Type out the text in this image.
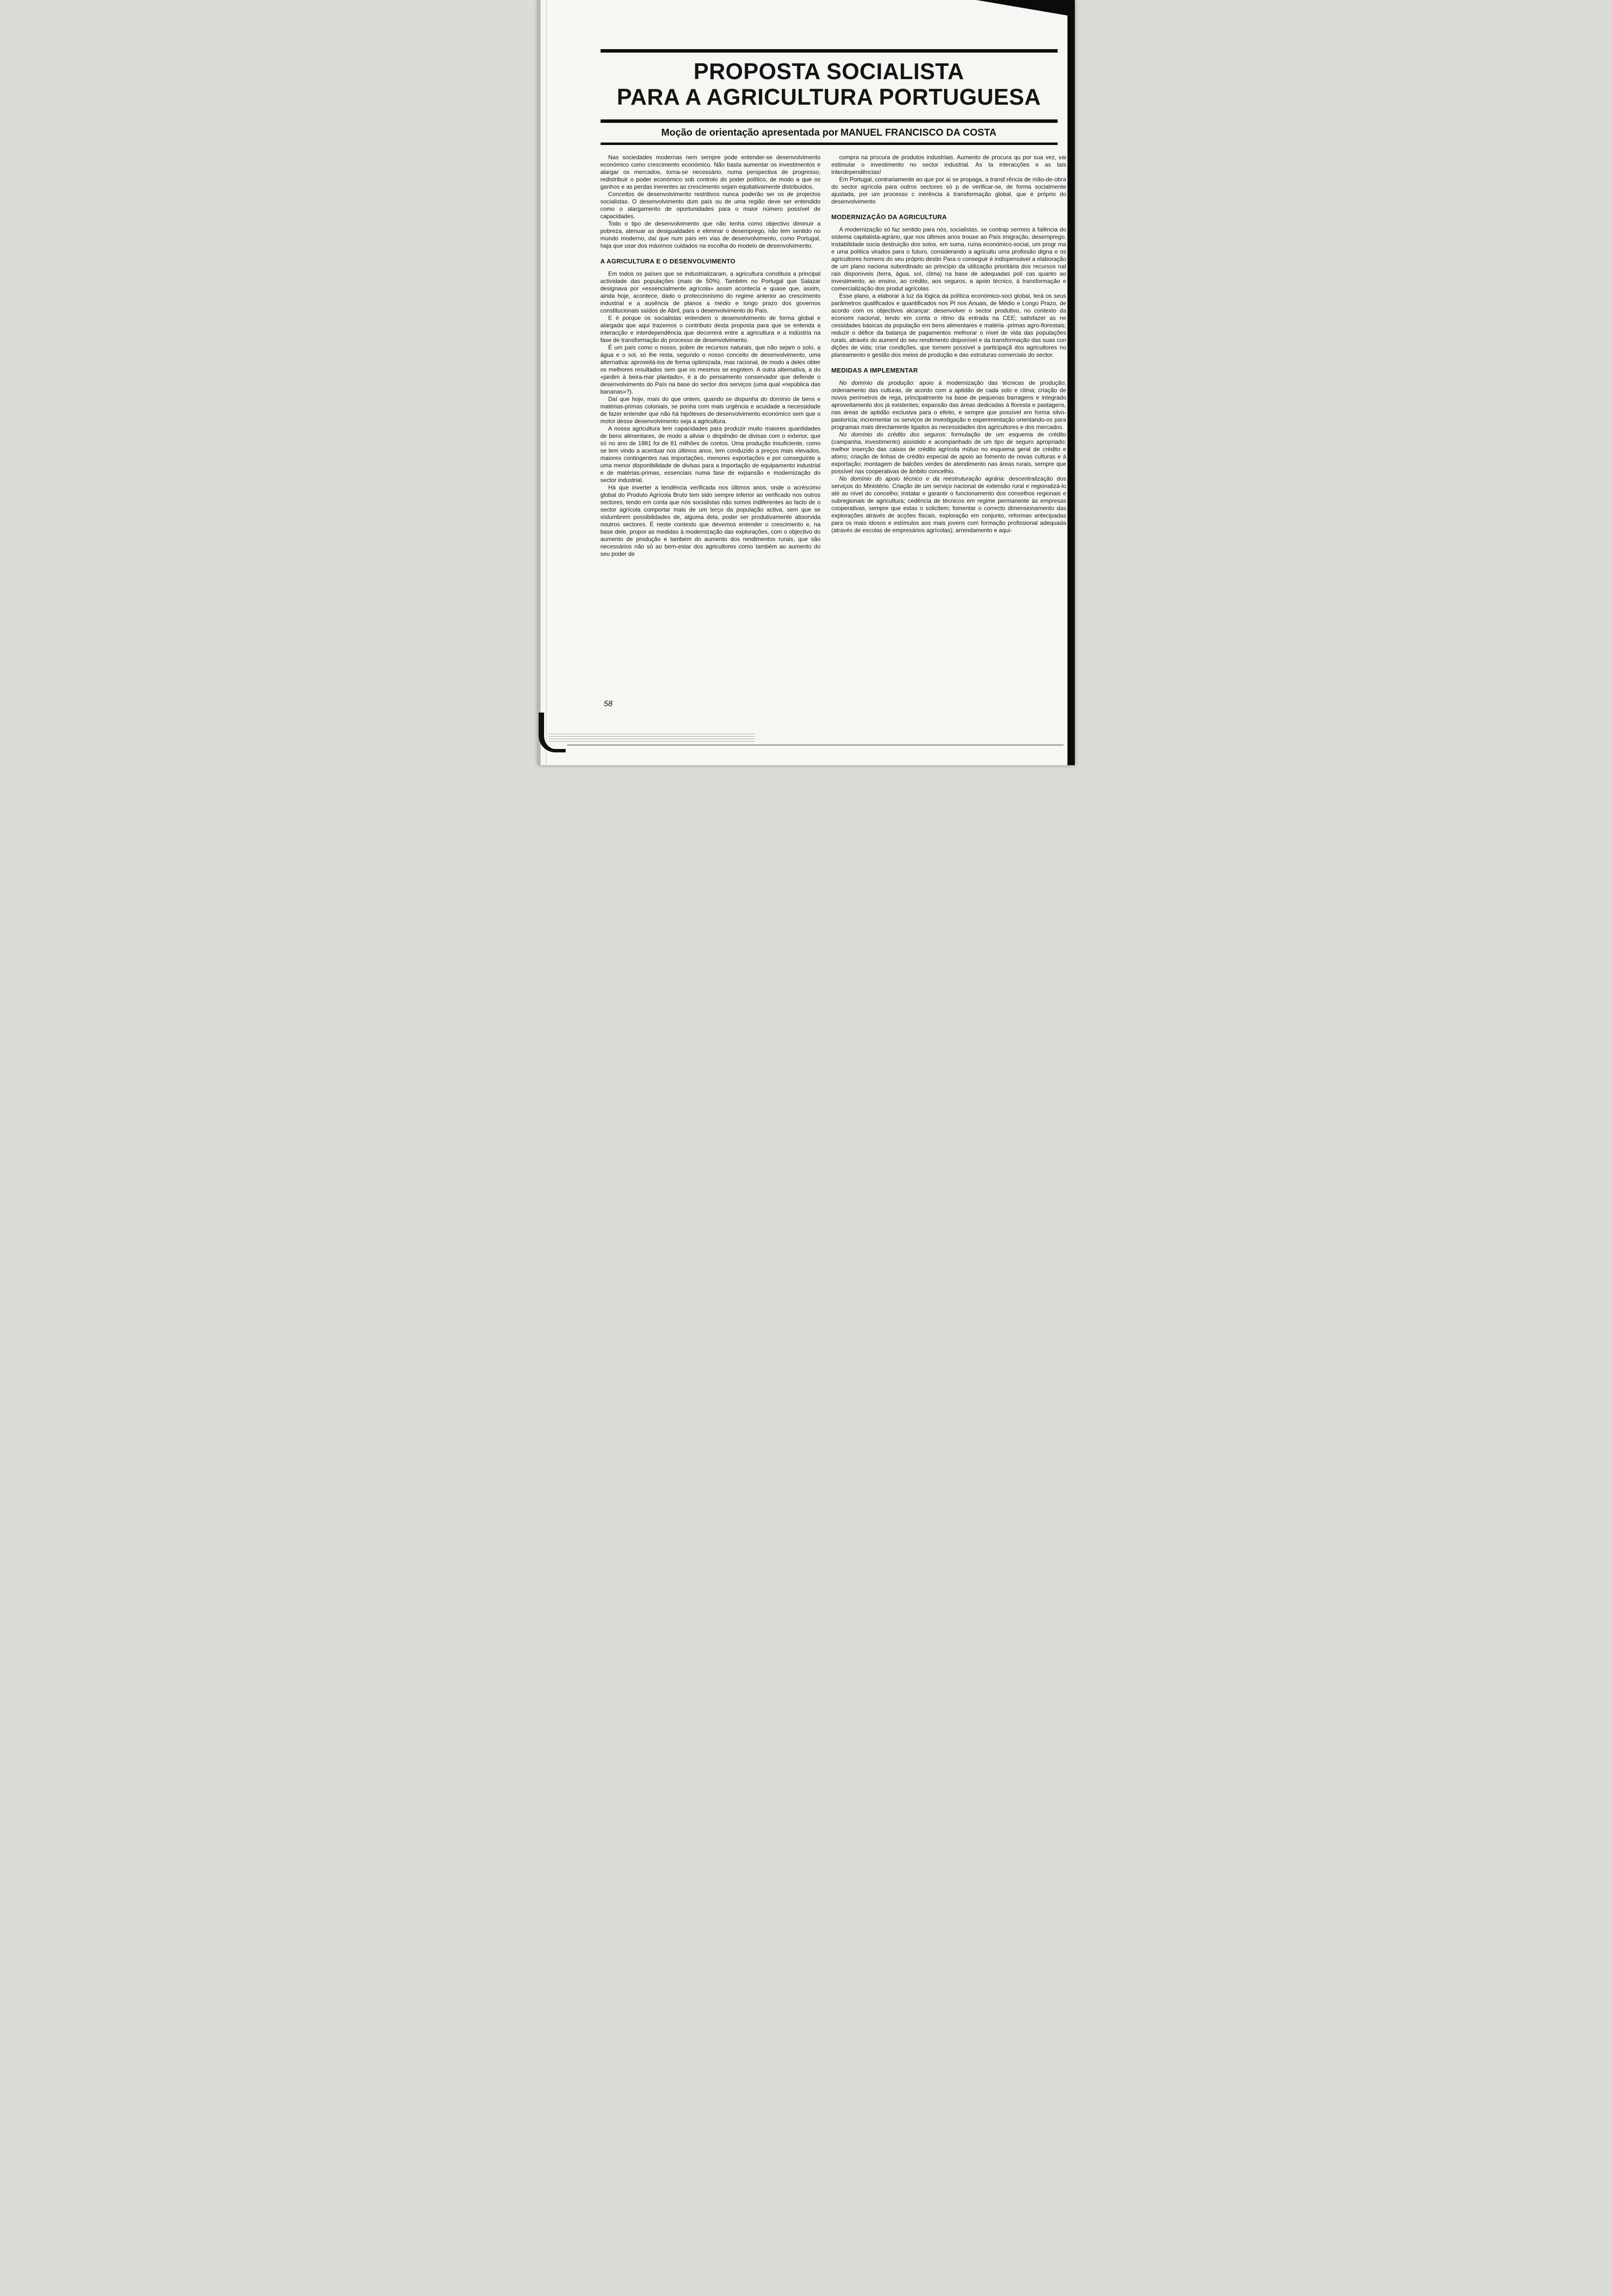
PROPOSTA SOCIALISTA
PARA A AGRICULTURA PORTUGUESA
Moção de orientação apresentada por MANUEL FRANCISCO DA COSTA

Nas sociedades modernas nem sempre pode entender-se desenvolvimento económico como crescimento económico. Não basta aumentar os investimentos e alargar os mercados, torna-se necessário, numa perspectiva de progresso, redistribuir o poder económico sob controlo do poder político, de modo a que os ganhos e as perdas inerentes ao crescimento sejam equitativamente distribuídos.

Conceitos de desenvolvimento restritivos nunca poderão ser os de projectos socialistas. O desenvolvimento dum país ou de uma região deve ser entendido como o alargamento de oportunidades para o maior número possível de capacidades.

Todo o tipo de desenvolvimento que não tenha como objectivo diminuir a pobreza, atenuar as desigualdades e eliminar o desemprego, não tem sentido no mundo moderno, daí que num país em vias de desenvolvimento, como Portugal, haja que usar dos máximos cuidados na escolha do modelo de desenvolvimento.

A AGRICULTURA E O DESENVOLVIMENTO

Em todos os países que se industrializaram, a agricultura constituía a principal actividade das populações (mais de 50%). Também no Portugal que Salazar designava por «essencialmente agrícola» assim acontecia e quase que, assim, ainda hoje, acontece, dado o proteccionismo do regime anterior ao crescimento industrial e a ausência de planos a médio e longo prazo dos governos constitucionais saídos de Abril, para o desenvolvimento do País.

E é porque os socialistas entendem o desenvolvimento de forma global e alargada que aqui trazemos o contributo desta proposta para que se entenda a interacção e interdependência que decorrerá entre a agricultura e a indústria na fase de transformação do processo de desenvolvimento.

É um país como o nosso, pobre de recursos naturais, que não sejam o solo, a água e o sol, só lhe resta, segundo o nosso conceito de desenvolvimento, uma alternativa: aproveitá-los de forma optimizada, mas racional, de modo a deles obter os melhores resultados sem que os mesmos se esgotem. A outra alternativa, a do «jardim à beira-mar plantado», é a do pensamento conservador que defende o desenvolvimento do País na base do sector dos serviços (uma qual «república das bananas»?).

Daí que hoje, mais do que ontem, quando se dispunha do domínio de bens e matérias-primas coloniais, se ponha com mais urgência e acuidade a necessidade de fazer entender que não há hipóteses de desenvolvimento económico sem que o motor desse desenvolvimento seja a agricultura.

A nossa agricultura tem capacidades para produzir muito maiores quantidades de bens alimentares, de modo a aliviar o dispêndio de divisas com o exterior, que só no ano de 1981 foi de 81 milhões de contos. Uma produção insuficiente, como se tem vindo a acentuar nos últimos anos, tem conduzido a preços mais elevados, maiores contingentes nas importações, menores exportações e por conseguinte a uma menor disponibilidade de divisas para a importação de equipamento industrial e de matérias-primas, essenciais numa fase de expansão e modernização do sector industrial.

Há que inverter a tendência verificada nos últimos anos, onde o acréscimo global do Produto Agrícola Bruto tem sido sempre inferior ao verificado nos outros sectores, tendo em conta que nós socialistas não somos indiferentes ao facto de o sector agrícola comportar mais de um terço da população activa, sem que se vislumbrem possibilidades de, alguma dela, poder ser produtivamente absorvida noutros sectores. É neste contexto que devemos entender o crescimento e, na base dele, propor as medidas à modernização das explorações, com o objectivo do aumento de produção e também do aumento dos rendimentos rurais, que são necessários não só ao bem-estar dos agricultores como também ao aumento do seu poder de

compra na procura de produtos industriais. Aumento de procura qu por sua vez, vai estimular o investimento no sector industrial. As ta interacções e as tais interdependências!

Em Portugal, contrariamente ao que por aí se propaga, a transf rência de mão-de-obra do sector agrícola para outros sectores só p de verificar-se, de forma socialmente ajustada, por um processo c inerência à transformação global, que é próprio do desenvolvimento

MODERNIZAÇÃO DA AGRICULTURA

A modernização só faz sentido para nós, socialistas, se contrap sermos à falência do sistema capitalista-agrário, que nos últimos anos trouxe ao País imigração, desemprego, instabilidade socia destruição dos solos, em suma, ruína económico-social, um progr ma e uma política virados para o futuro, considerando a agricultu uma profissão digna e os agricultores homens do seu próprio destin Para o conseguir é indispensável a elaboração de um plano naciona subordinado ao princípio da utilização prioritária dos recursos nat rais disponíveis (terra, água, sol, clima) na base de adequadas polí cas quanto ao investimento, ao ensino, ao crédito, aos seguros, a apoio técnico, à transformação e comercialização dos produt agrícolas.

Esse plano, a elaborar à luz da lógica da política económico-soci global, terá os seus parâmetros qualificados e quantificados nos Pl nos Anuais, de Médio e Longo Prazo, de acordo com os objectivos alcançar: desenvolver o sector produtivo, no contexto da economi nacional, tendo em conta o ritmo da entrada na CEE; satisfazer as ne cessidades básicas da população em bens alimentares e matéria -primas agro-florestais; reduzir o défice da balança de pagamentos melhorar o nível de vida das populações rurais, através do aument do seu rendimento disponível e da transformação das suas con dições de vida; criar condições, que tornem possível a participaçã dos agricultores no planeamento e gestão dos meios de produção e das estruturas comerciais do sector.

MEDIDAS A IMPLEMENTAR

No domínio da produção: apoio à modernização das técnicas de produção; ordenamento das culturas, de acordo com a aptidão de cada solo e clima; criação de novos perímetros de rega, principalmente na base de pequenas barragens e integrado aproveitamento dos já existentes; expansão das áreas dedicadas à floresta e pastagens, nas áreas de aptidão exclusiva para o efeito, e sempre que possível em forma silvo-pastorícia; incrementar os serviços de investigação e experimentação orientando-os para programas mais directamente ligados às necessidades dos agricultores e dos mercados.

No domínio do crédito dos seguros: formulação de um esquema de crédito (campanha, investimento) assistido e acompanhado de um tipo de seguro apropriado; melhor inserção das caixas de crédito agrícola mútuo no esquema geral de crédito e aforro; criação de linhas de crédito especial de apoio ao fomento de novas culturas e à exportação; montagem de balcões verdes de atendimento nas áreas rurais, sempre que possível nas cooperativas de âmbito concelhio.

No domínio do apoio técnico e da reestruturação agrária: descentralização dos serviços do Ministério. Criação de um serviço nacional de extensão rural e regionalizá-lo até ao nível do concelho; instalar e garantir o funcionamento dos conselhos regionais e subregionais de agricultura; cedência de técnicos em regime permanente às empresas cooperativas, sempre que estas o solicitem; fomentar o correcto dimensionamento das explorações através de acções fiscais, exploração em conjunto, reformas antecipadas para os mais idosos e estímulos aos mais jovens com formação profissional adequada (através de escolas de empresários agrícolas); arrendamento e aqui-

58
